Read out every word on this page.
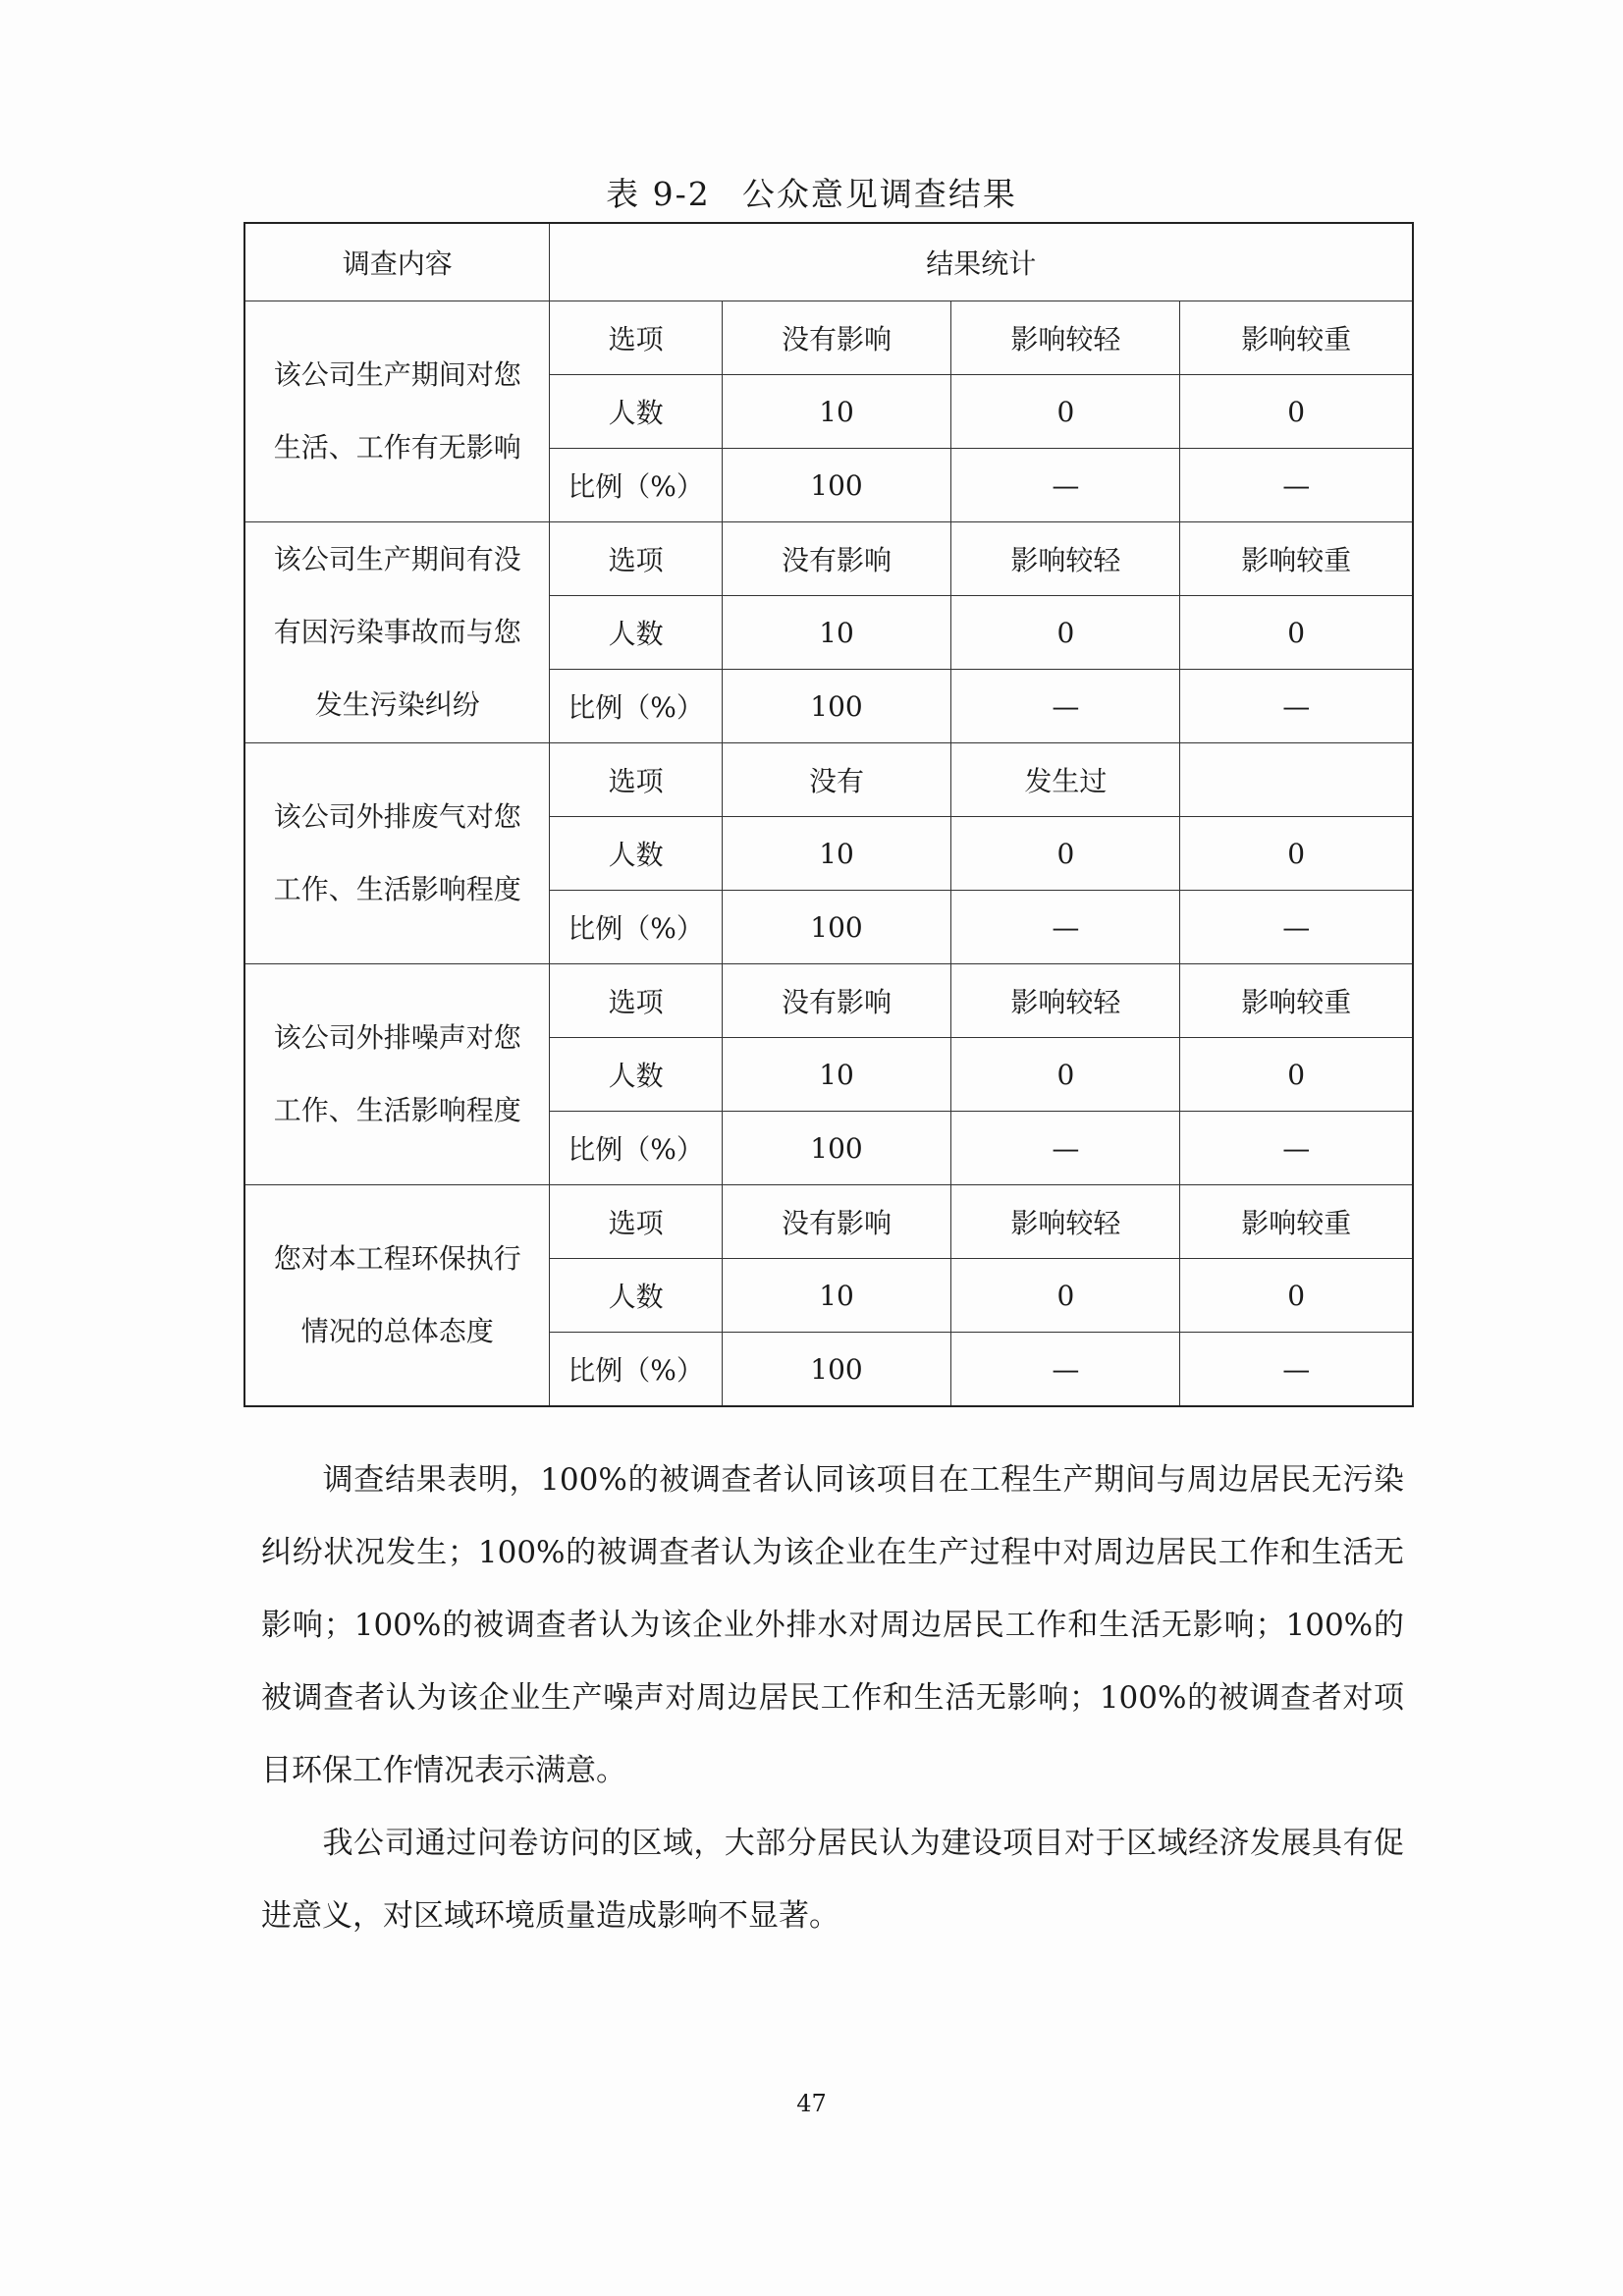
表 9-2 公众意见调查结果
调查内容	结果统计			

该公司生产期间对您
生活、工作有无影响	选项	没有影响	影响较轻	影响较重
	人数	10	0	0
	比例（%）	100	—	—

该公司生产期间有没
有因污染事故而与您
发生污染纠纷	选项	没有影响	影响较轻	影响较重
	人数	10	0	0
	比例（%）	100	—	—

该公司外排废气对您
工作、生活影响程度	选项	没有	发生过	
	人数	10	0	0
	比例（%）	100	—	—

该公司外排噪声对您
工作、生活影响程度	选项	没有影响	影响较轻	影响较重
	人数	10	0	0
	比例（%）	100	—	—

您对本工程环保执行
情况的总体态度	选项	没有影响	影响较轻	影响较重
	人数	10	0	0
	比例（%）	100	—	—
调查结果表明，100%的被调查者认同该项目在工程生产期间与周边居民无污染纠纷状况发生；100%的被调查者认为该企业在生产过程中对周边居民工作和生活无影响；100%的被调查者认为该企业外排水对周边居民工作和生活无影响；100%的被调查者认为该企业生产噪声对周边居民工作和生活无影响；100%的被调查者对项目环保工作情况表示满意。
我公司通过问卷访问的区域，大部分居民认为建设项目对于区域经济发展具有促进意义，对区域环境质量造成影响不显著。
47
